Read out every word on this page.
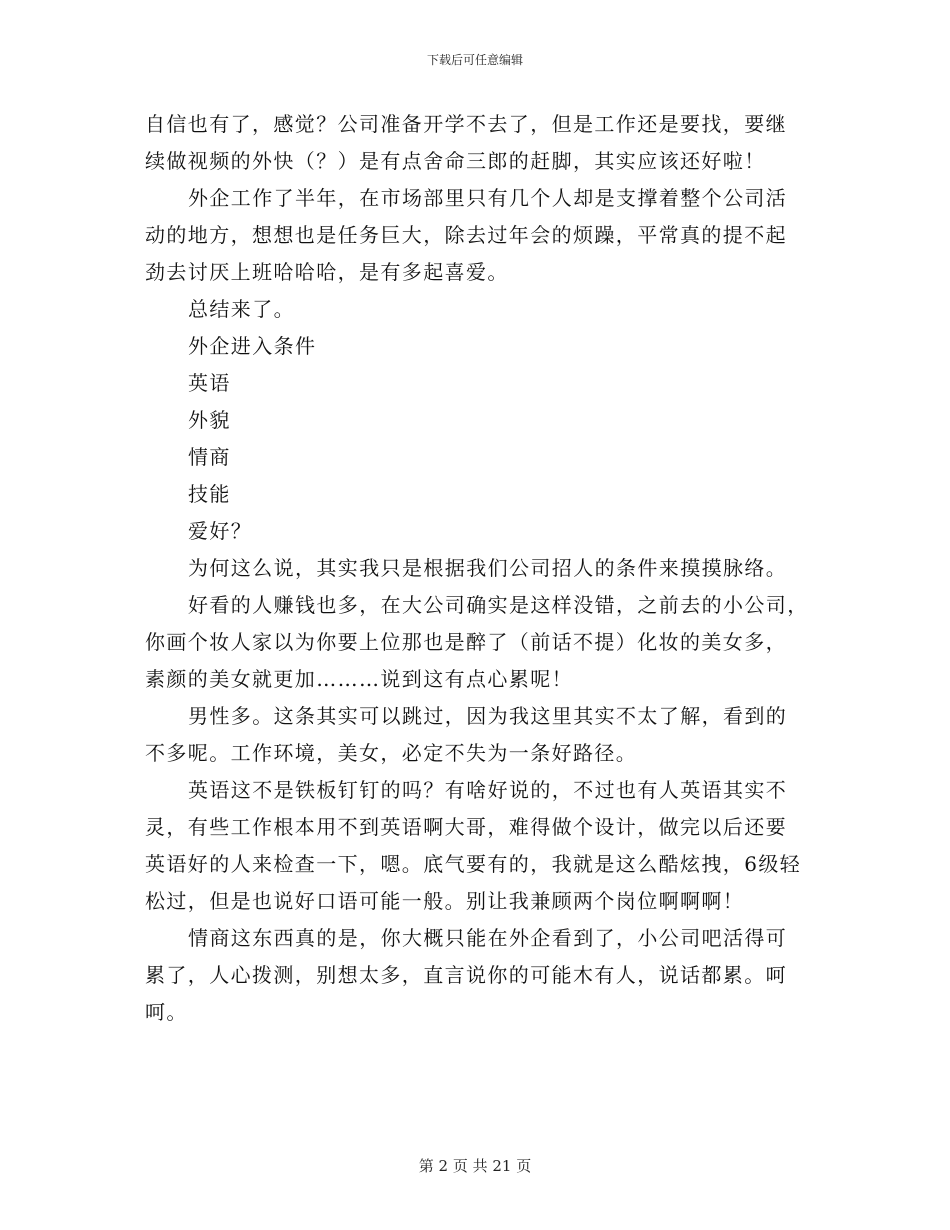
下载后可任意编辑
自信也有了，感觉？公司准备开学不去了，但是工作还是要找，要继
续做视频的外快（？）是有点舍命三郎的赶脚，其实应该还好啦！
外企工作了半年，在市场部里只有几个人却是支撑着整个公司活
动的地方，想想也是任务巨大，除去过年会的烦躁，平常真的提不起
劲去讨厌上班哈哈哈，是有多起喜爱。
总结来了。
外企进入条件
英语
外貌
情商
技能
爱好？
为何这么说，其实我只是根据我们公司招人的条件来摸摸脉络。
好看的人赚钱也多，在大公司确实是这样没错，之前去的小公司，
你画个妆人家以为你要上位那也是醉了（前话不提）化妆的美女多，
素颜的美女就更加………说到这有点心累呢！
男性多。这条其实可以跳过，因为我这里其实不太了解，看到的
不多呢。工作环境，美女，必定不失为一条好路径。
英语这不是铁板钉钉的吗？有啥好说的，不过也有人英语其实不
灵，有些工作根本用不到英语啊大哥，难得做个设计，做完以后还要
英语好的人来检查一下，嗯。底气要有的，我就是这么酷炫拽，6级轻
松过，但是也说好口语可能一般。别让我兼顾两个岗位啊啊啊！
情商这东西真的是，你大概只能在外企看到了，小公司吧活得可
累了，人心拨测，别想太多，直言说你的可能木有人，说话都累。呵
呵。
第 2 页 共 21 页
